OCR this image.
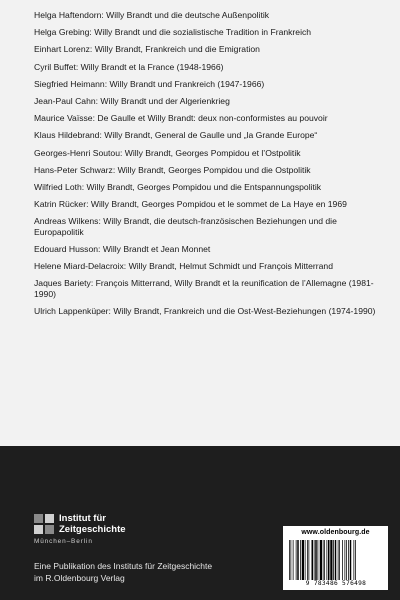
Helga Haftendorn : Willy Brandt und die deutsche Außenpolitik
Helga Grebing : Willy Brandt und die sozialistische Tradition in Frankreich
Einhart Lorenz : Willy Brandt, Frankreich und die Emigration
Cyril Buffet : Willy Brandt et la France (1948-1966)
Siegfried Heimann : Willy Brandt und Frankreich (1947-1966)
Jean-Paul Cahn : Willy Brandt und der Algerienkrieg
Maurice Vaïsse : De Gaulle et Willy Brandt: deux non-conformistes au pouvoir
Klaus Hildebrand : Willy Brandt, General de Gaulle und „la Grande Europe“
Georges-Henri Soutou : Willy Brandt, Georges Pompidou et l’Ostpolitik
Hans-Peter Schwarz : Willy Brandt, Georges Pompidou und die Ostpolitik
Wilfried Loth : Willy Brandt, Georges Pompidou und die Entspannungspolitik
Katrin Rücker : Willy Brandt, Georges Pompidou et le sommet de La Haye en 1969
Andreas Wilkens : Willy Brandt, die deutsch-französischen Beziehungen und die Europapolitik
Edouard Husson : Willy Brandt et Jean Monnet
Helene Miard-Delacroix : Willy Brandt, Helmut Schmidt und François Mitterrand
Jaques Bariety : François Mitterrand, Willy Brandt et la reunification de l’Allemagne (1981-1990)
Ulrich Lappenküper : Willy Brandt, Frankreich und die Ost-West-Beziehungen (1974-1990)
Institut für
Zeitgeschichte
München–Berlin
Eine Publikation des Instituts für Zeitgeschichte
im R.Oldenbourg Verlag
www.oldenbourg.de
9 783486 576498
